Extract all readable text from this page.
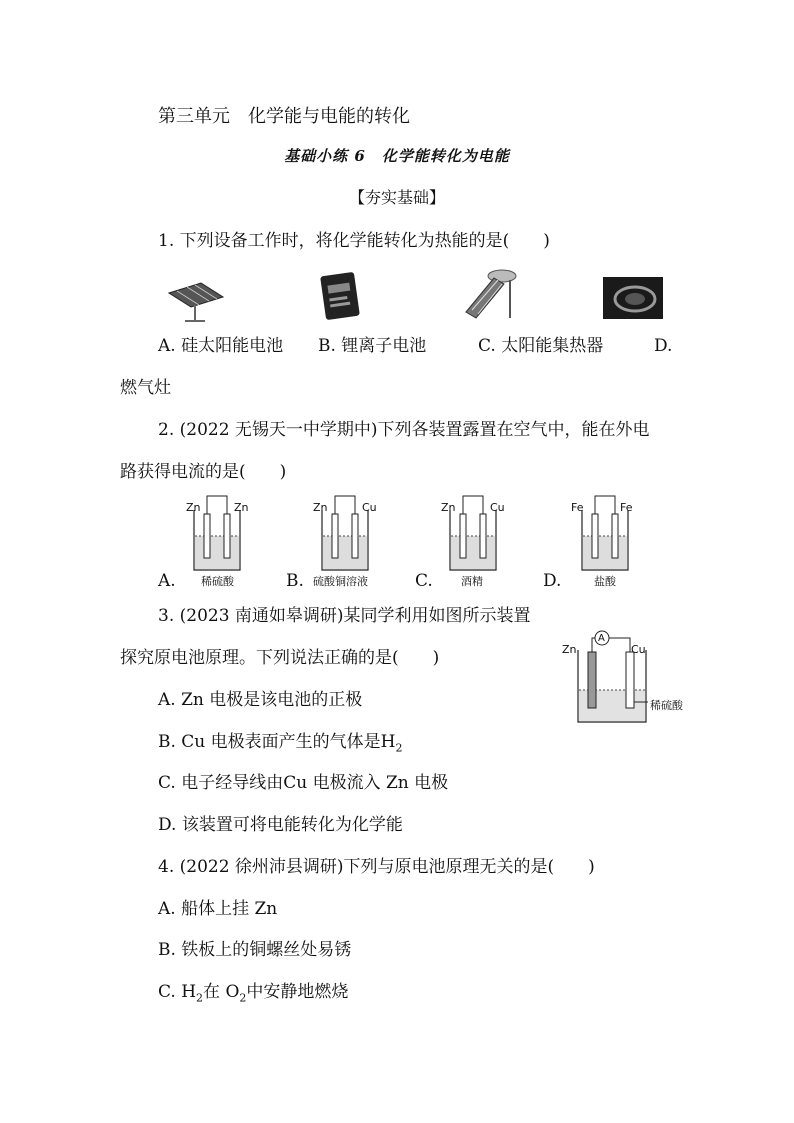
第三单元　化学能与电能的转化
基础小练 6　化学能转化为电能
【夯实基础】
1. 下列设备工作时，将化学能转化为热能的是(　　)
A. 硅太阳能电池 B. 锂离子电池	C. 太阳能集热器	D.
燃气灶
2. (2022 无锡天一中学期中)下列各装置露置在空气中，能在外电
路获得电流的是(　　)
Zn	Zn
稀硫酸
Zn	Cu
硫酸铜溶液
Zn	Cu
酒精
Fe	Fe
盐酸
A.	B.	C.	D.
3. (2023 南通如皋调研)某同学利用如图所示装置
探究原电池原理。下列说法正确的是(　　)
A
Zn	Cu
稀硫酸
A. Zn 电极是该电池的正极
B. Cu 电极表面产生的气体是$H_2$
C. 电子经导线由Cu 电极流入 Zn 电极
D. 该装置可将电能转化为化学能
4. (2022 徐州沛县调研)下列与原电池原理无关的是(　　)
A. 船体上挂 Zn
B. 铁板上的铜螺丝处易锈
C. $H_2$在 $O_2$中安静地燃烧
